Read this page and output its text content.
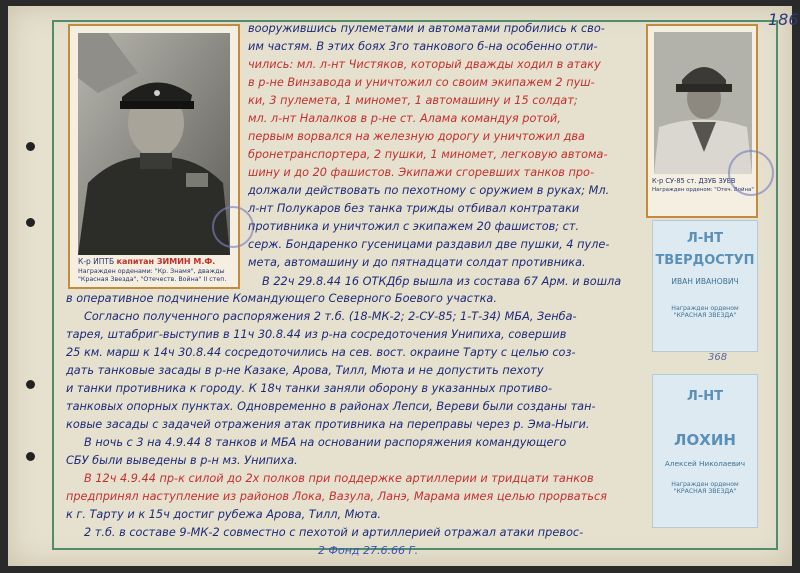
186
К-р ИПТБ капитан ЗИМИН М.Ф.
Награжден орденами: "Кр. Знамя", дважды "Красная Звезда", "Отечеств. Война" II степ.
К-р СУ-85 ст. ДЗУБ ЗУЕВ
Награжден орденом: "Отеч. Война"
Л-НТ
ТВЕРДОСТУП
ИВАН ИВАНОВИЧ
Награжден орденом "КРАСНАЯ ЗВЕЗДА"
368
Л-НТ
ЛОХИН
Алексей Николаевич
Награжден орденом "КРАСНАЯ ЗВЕЗДА"
вооружившись пулеметами и автоматами пробились к сво-
им частям. В этих боях 3го танкового б-на особенно отли-
чились: мл. л-нт Чистяков, который дважды ходил в атаку
в р-не Винзавода и уничтожил со своим экипажем 2 пуш-
ки, 3 пулемета, 1 миномет, 1 автомашину и 15 солдат;
мл. л-нт Налалков в р-не ст. Алама командуя ротой,
первым ворвался на железную дорогу и уничтожил два
бронетранспортера, 2 пушки, 1 миномет, легковую автома-
шину и до 20 фашистов. Экипажи сгоревших танков про-
должали действовать по пехотному с оружием в руках; Мл.
л-нт Полукаров без танка трижды отбивал контратаки
противника и уничтожил с экипажем 20 фашистов; ст.
серж. Бондаренко гусеницами раздавил две пушки, 4 пуле-
мета, автомашину и до пятнадцати солдат противника.
В 22ч 29.8.44 16 ОТКДбр вышла из состава 67 Арм. и вошла
в оперативное подчинение Командующего Северного Боевого участка.
Согласно полученного распоряжения 2 т.б. (18-МК-2; 2-СУ-85; 1-Т-34) МБА, Зенба-
тарея, штабриг-выступив в 11ч 30.8.44 из р-на сосредоточения Унипиха, совершив
25 км. марш к 14ч 30.8.44 сосредоточились на сев. вост. окраине Тарту с целью соз-
дать танковые засады в р-не Казаке, Арова, Тилл, Мюта и не допустить пехоту
и танки противника к городу. К 18ч танки заняли оборону в указанных противо-
танковых опорных пунктах. Одновременно в районах Лепси, Вереви были созданы тан-
ковые засады с задачей отражения атак противника на переправы через р. Эма-Ныги.
В ночь с 3 на 4.9.44 8 танков и МБА на основании распоряжения командующего
СБУ были выведены в р-н мз. Унипиха.
В 12ч 4.9.44 пр-к силой до 2х полков при поддержке артиллерии и тридцати танков
предпринял наступление из районов Лока, Вазула, Ланэ, Марама имея целью прорваться
к г. Тарту и к 15ч достиг рубежа Арова, Тилл, Мюта.
2 т.б. в составе 9-МК-2 совместно с пехотой и артиллерией отражал атаки превос-
2 Фонд 27.6.66 Г.
